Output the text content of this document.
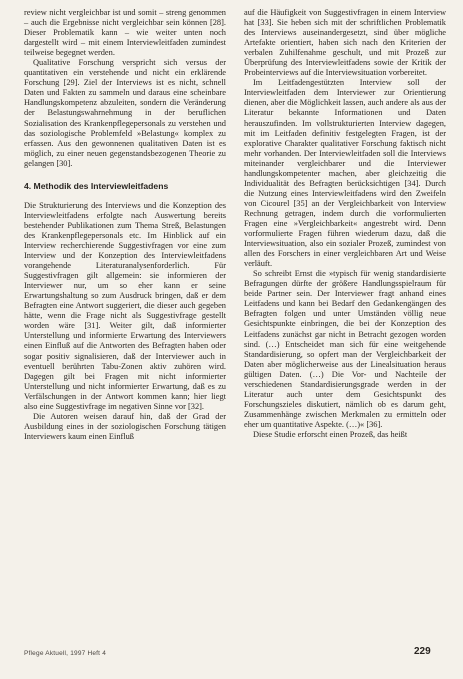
review nicht vergleichbar ist und somit – streng genommen – auch die Ergebnisse nicht vergleichbar sein können [28]. Dieser Problematik kann – wie weiter unten noch dargestellt wird – mit einem Interviewleitfaden zumindest teilweise begegnet werden.

Qualitative Forschung verspricht sich versus der quantitativen ein verstehende und nicht ein erklärende Forschung [29]. Ziel der Interviews ist es nicht, schnell Daten und Fakten zu sammeln und daraus eine scheinbare Handlungskompetenz abzuleiten, sondern die Veränderung der Belastungswahrnehmung in der beruflichen Sozialisation des Krankenpflegepersonals zu verstehen und das soziologische Problemfeld »Belastung« komplex zu erfassen. Aus den gewonnenen qualitativen Daten ist es möglich, zu einer neuen gegenstandsbezogenen Theorie zu gelangen [30].

4. Methodik des Interviewleitfadens

Die Strukturierung des Interviews und die Konzeption des Interviewleitfadens erfolgte nach Auswertung bereits bestehender Publikationen zum Thema Streß, Belastungen des Krankenpflegepersonals etc. Im Hinblick auf ein Interview recherchierende Suggestivfragen vor eine zum Interview und der Konzeption des Interviewleitfadens vorangehende Literaturanalysenforderlich. Für Suggestivfragen gilt allgemein: sie informieren der Interviewer nur, um so eher kann er seine Erwartungshaltung so zum Ausdruck bringen, daß er dem Befragten eine Antwort suggeriert, die dieser auch gegeben hätte, wenn die Frage nicht als Suggestivfrage gestellt worden wäre [31]. Weiter gilt, daß informierter Unterstellung und informierte Erwartung des Interviewers einen Einfluß auf die Antworten des Befragten haben oder sogar positiv signalisieren, daß der Interviewer auch in eventuell berührten Tabu-Zonen aktiv zuhören wird. Dagegen gilt bei Fragen mit nicht informierter Unterstellung und nicht informierter Erwartung, daß es zu Verfälschungen in der Antwort kommen kann; hier liegt also eine Suggestivfrage im negativen Sinne vor [32].

Die Autoren weisen darauf hin, daß der Grad der Ausbildung eines in der soziologischen Forschung tätigen Interviewers kaum einen Einfluß

auf die Häufigkeit von Suggestivfragen in einem Interview hat [33]. Sie heben sich mit der schriftlichen Problematik des Interviews auseinandergesetzt, sind über mögliche Artefakte orientiert, haben sich nach den Kriterien der verbalen Zuhilfenahme geschult, und mit Prozeß zur Überprüfung des Interviewleitfadens sowie der Kritik der Probeinterviews auf die Interviewsituation vorbereitet.

Im Leitfadengestützten Interview soll der Interviewleitfaden dem Interviewer zur Orientierung dienen, aber die Möglichkeit lassen, auch andere als aus der Literatur bekannte Informationen und Daten herauszufinden. Im vollstrukturierten Interview dagegen, mit im Leitfaden definitiv festgelegten Fragen, ist der explorative Charakter qualitativer Forschung faktisch nicht mehr vorhanden. Der Interviewleitfaden soll die Interviews miteinander vergleichbarer und die Interviewer handlungskompetenter machen, aber gleichzeitig die Individualität des Befragten berücksichtigen [34]. Durch die Nutzung eines Interviewleitfadens wird den Zweifeln von Cicourel [35] an der Vergleichbarkeit von Interview Rechnung getragen, indem durch die vorformulierten Fragen eine »Vergleichbarkeit« angestrebt wird. Denn vorformulierte Fragen führen wiederum dazu, daß die Interviewsituation, also ein sozialer Prozeß, zumindest von allen des Forschers in einer vergleichbaren Art und Weise verläuft.

So schreibt Ernst die »typisch für wenig standardisierte Befragungen dürfte der größere Handlungsspielraum für beide Partner sein. Der Interviewer fragt anhand eines Leitfadens und kann bei Bedarf den Gedankengängen des Befragten folgen und unter Umständen völlig neue Gesichtspunkte einbringen, die bei der Konzeption des Leitfadens zunächst gar nicht in Betracht gezogen worden sind. (…) Entscheidet man sich für eine weitgehende Standardisierung, so opfert man der Vergleichbarkeit der Daten aber möglicherweise aus der Linealsituation heraus gültigen Daten. (…) Die Vor- und Nachteile der verschiedenen Standardisierungsgrade werden in der Literatur auch unter dem Gesichtspunkt des Forschungszieles diskutiert, nämlich ob es darum geht, Zusammenhänge zwischen Merkmalen zu ermitteln oder eher um quantitative Aspekte. (…)« [36].

Diese Studie erforscht einen Prozeß, das heißt

Pflege Aktuell, 1997 Heft 4	229
